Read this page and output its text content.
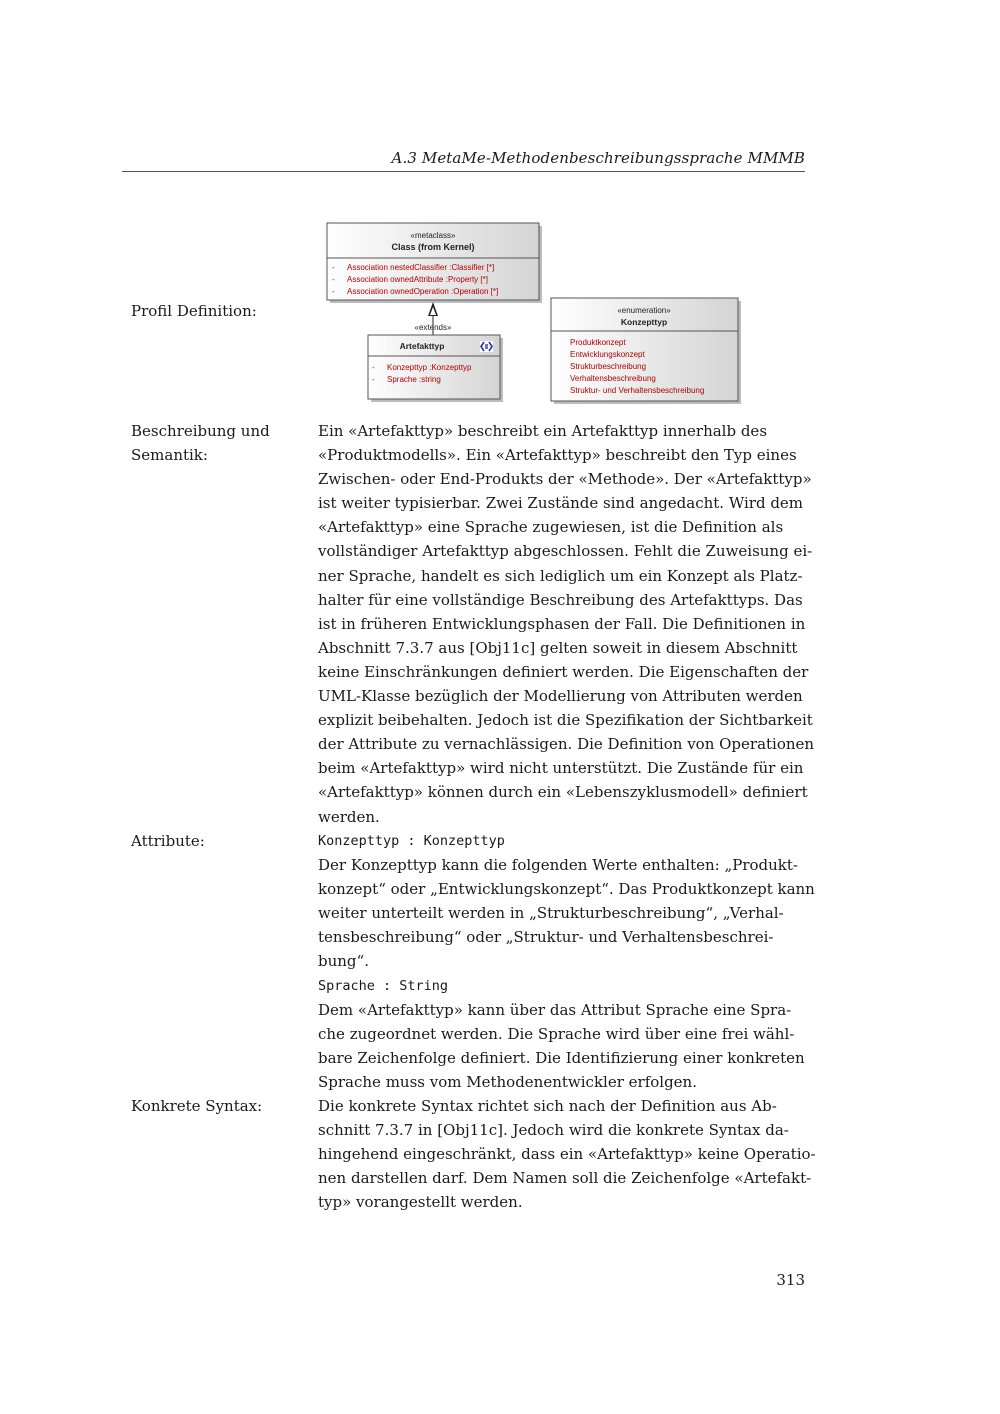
A.3 MetaMe-Methodenbeschreibungssprache MMMB
Profil Definition:
«metaclass»
Class (from Kernel)
-
-
-
Association nestedClassifier :Classifier [*]
Association ownedAttribute :Property [*]
Association ownedOperation :Operation [*]
«extends»
Artefakttyp
-
-
Konzepttyp :Konzepttyp
Sprache :string
«enumeration»
Konzepttyp
Produktkonzept
Entwicklungskonzept
Strukturbeschreibung
Verhaltensbeschreibung
Struktur- und Verhaltensbeschreibung
Beschreibung und
Semantik:

Ein «Artefakttyp» beschreibt ein Artefakttyp innerhalb des

«Produktmodells». Ein «Artefakttyp» beschreibt den Typ eines

Zwischen- oder End-Produkts der «Methode». Der «Artefakttyp»

ist weiter typisierbar. Zwei Zustände sind angedacht. Wird dem

«Artefakttyp» eine Sprache zugewiesen, ist die Definition als

vollständiger Artefakttyp abgeschlossen. Fehlt die Zuweisung ei-

ner Sprache, handelt es sich lediglich um ein Konzept als Platz-

halter für eine vollständige Beschreibung des Artefakttyps. Das

ist in früheren Entwicklungsphasen der Fall. Die Definitionen in

Abschnitt 7.3.7 aus [Obj11c] gelten soweit in diesem Abschnitt

keine Einschränkungen definiert werden. Die Eigenschaften der

UML-Klasse bezüglich der Modellierung von Attributen werden

explizit beibehalten. Jedoch ist die Spezifikation der Sichtbarkeit

der Attribute zu vernachlässigen. Die Definition von Operationen

beim «Artefakttyp» wird nicht unterstützt. Die Zustände für ein

«Artefakttyp» können durch ein «Lebenszyklusmodell» definiert

werden.

Attribute:	Konzepttyp : Konzepttyp

Der Konzepttyp kann die folgenden Werte enthalten: „Produkt-

konzept“ oder „Entwicklungskonzept“. Das Produktkonzept kann

weiter unterteilt werden in „Strukturbeschreibung“, „Verhal-

tensbeschreibung“ oder „Struktur- und Verhaltensbeschrei-

bung“.

Sprache : String

Dem «Artefakttyp» kann über das Attribut Sprache eine Spra-

che zugeordnet werden. Die Sprache wird über eine frei wähl-

bare Zeichenfolge definiert. Die Identifizierung einer konkreten

Sprache muss vom Methodenentwickler erfolgen.

Konkrete Syntax:	Die konkrete Syntax richtet sich nach der Definition aus Ab-

schnitt 7.3.7 in [Obj11c]. Jedoch wird die konkrete Syntax da-

hingehend eingeschränkt, dass ein «Artefakttyp» keine Operatio-

nen darstellen darf. Dem Namen soll die Zeichenfolge «Artefakt-

typ» vorangestellt werden.

313
